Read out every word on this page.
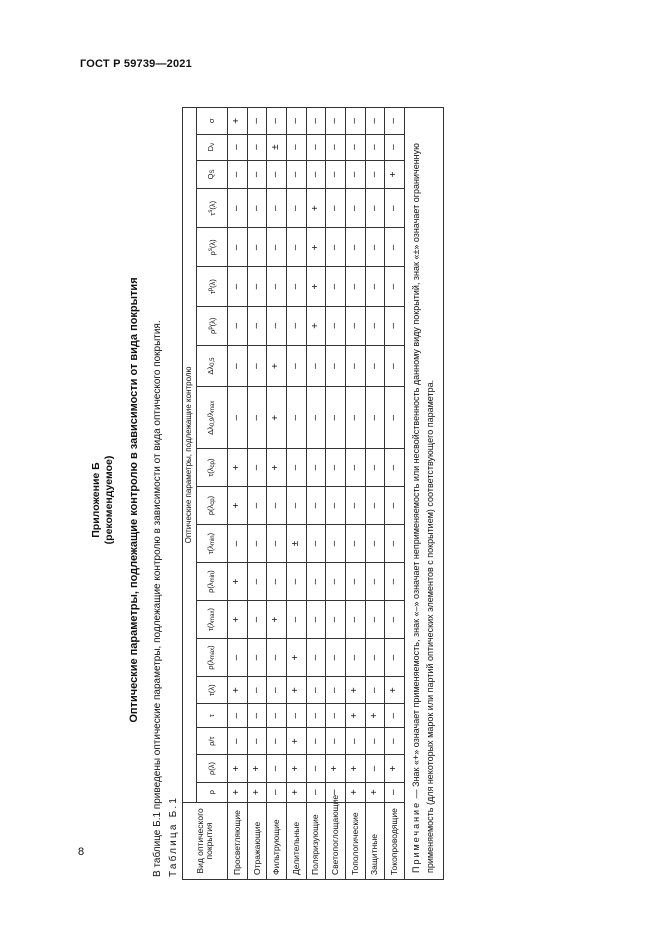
ГОСТ Р 59739—2021
8
Приложение Б (рекомендуемое) Оптические параметры, подлежащие контролю в зависимости от вида покрытия В таблице Б.1 приведены оптические параметры, подлежащие контролю в зависимости от вида оптического покрытия. Таблица Б.1 Вид оптического покрытия	Оптические параметры, подлежащие контролю																			
	ρ	ρ(λ)	ρ/τ	τ	τ(λ)	$\rho(\lambda_{max})$	$\tau(\lambda_{max})$	$\rho(\lambda_{min})$	$\tau(\lambda_{min})$	$\rho(\lambda_{cp})$	$\tau(\lambda_{cp})$	$\Delta\lambda_{0,9}/\lambda_{max}$	$\Delta\lambda_{0,5}$	$\rho^p(\lambda)$	$\tau^p(\lambda)$	$\rho^s(\lambda)$	$\tau^s(\lambda)$	$Q_S$	$D_\nu$	σ
Просветляющие	+	+	–	–	+	–	+	+	–	+	+	–	–	–	–	–	–	–	–	+
Отражающие	+	+	–	–	–	–	–	–	–	–	–	–	–	–	–	–	–	–	–	–
Фильтрующие	–	–	–	–	–	–	+	–	–	–	+	+	+	–	–	–	–	–	±	–
Делительные	+	+	+	–	+	+	–	–	±	–	–	–	–	–	–	–	–	–	–	–
Поляризующие	–	–	–	–	–	–	–	–	–	–	–	–	–	+	+	+	+	–	–	–
Светопоглощающие	–	+	–	–	–	–	–	–	–	–	–	–	–	–	–	–	–	–	–	–
Топологические	+	+	–	+	+	–	–	–	–	–	–	–	–	–	–	–	–	–	–	–
Защитные	+	–	–	+	–	–	–	–	–	–	–	–	–	–	–	–	–	–	–	–
Токопроводящие	–	+	–	–	+	–	–	–	–	–	–	–	–	–	–	–	–	+	–	–
Примечание — Знак «+» означает применяемость, знак «–» означает неприменяемость или несвойственность данному виду покрытий, знак «±» означает ограниченную применяемость (для некоторых марок или партий оптических элементов с покрытием) соответствующего параметра.
